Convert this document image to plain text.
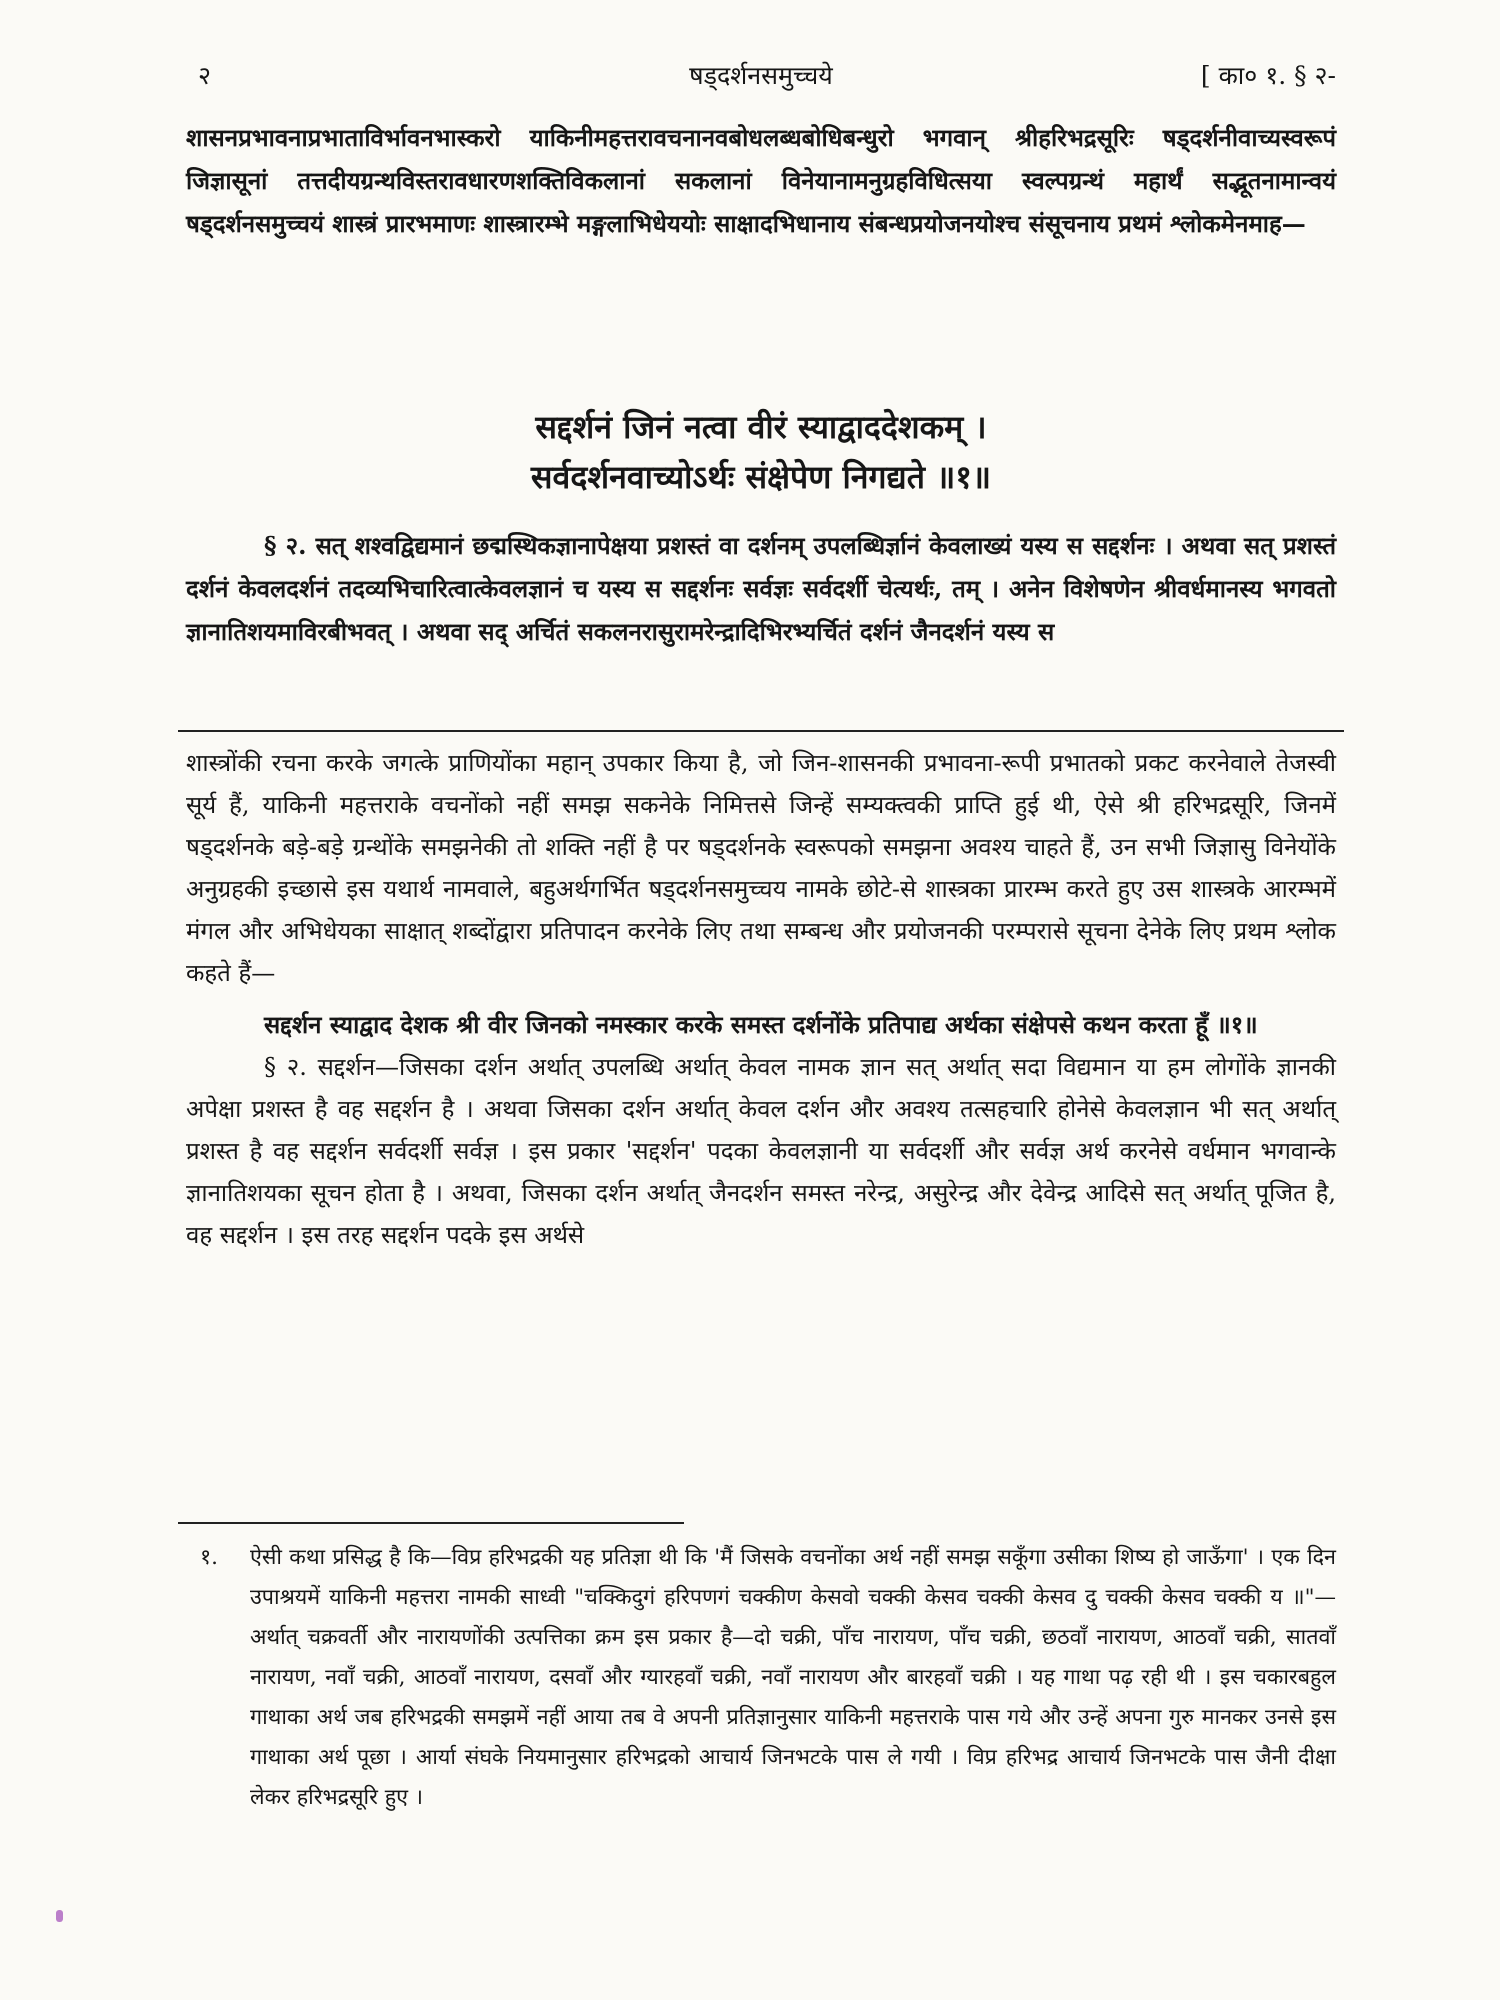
२	षड्दर्शनसमुच्चये	[ का० १. § २-

शासनप्रभावनाप्रभाताविर्भावनभास्करो याकिनीमहत्तरावचनानवबोधलब्धबोधिबन्धुरो भगवान् श्रीहरिभद्रसूरिः षड्दर्शनीवाच्यस्वरूपं जिज्ञासूनां तत्तदीयग्रन्थविस्तरावधारणशक्तिविकलानां सकलानां विनेयानामनुग्रहविधित्सया स्वल्पग्रन्थं महार्थं सद्भूतनामान्वयं षड्दर्शनसमुच्चयं शास्त्रं प्रारभमाणः शास्त्रारम्भे मङ्गलाभिधेययोः साक्षादभिधानाय संबन्धप्रयोजनयोश्च संसूचनाय प्रथमं श्लोकमेनमाह—

सद्दर्शनं जिनं नत्वा वीरं स्याद्वाददेशकम् ।

सर्वदर्शनवाच्योऽर्थः संक्षेपेण निगद्यते ॥१॥

§ २. सत् शश्वद्विद्यमानं छद्मस्थिकज्ञानापेक्षया प्रशस्तं वा दर्शनम् उपलब्धिर्ज्ञानं केवलाख्यं यस्य स सद्दर्शनः । अथवा सत् प्रशस्तं दर्शनं केवलदर्शनं तदव्यभिचारित्वात्केवलज्ञानं च यस्य स सद्दर्शनः सर्वज्ञः सर्वदर्शी चेत्यर्थः, तम् । अनेन विशेषणेन श्रीवर्धमानस्य भगवतो ज्ञानातिशयमाविरबीभवत् । अथवा सद् अर्चितं सकलनरासुरामरेन्द्रादिभिरभ्यर्चितं दर्शनं जैनदर्शनं यस्य स

शास्त्रोंकी रचना करके जगत्के प्राणियोंका महान् उपकार किया है, जो जिन-शासनकी प्रभावना-रूपी प्रभातको प्रकट करनेवाले तेजस्वी सूर्य हैं, याकिनी महत्तराके वचनोंको नहीं समझ सकनेके निमित्तसे जिन्हें सम्यक्त्वकी प्राप्ति हुई थी, ऐसे श्री हरिभद्रसूरि, जिनमें षड्दर्शनके बड़े-बड़े ग्रन्थोंके समझनेकी तो शक्ति नहीं है पर षड्दर्शनके स्वरूपको समझना अवश्य चाहते हैं, उन सभी जिज्ञासु विनेयोंके अनुग्रहकी इच्छासे इस यथार्थ नामवाले, बहुअर्थगर्भित षड्दर्शनसमुच्चय नामके छोटे-से शास्त्रका प्रारम्भ करते हुए उस शास्त्रके आरम्भमें मंगल और अभिधेयका साक्षात् शब्दोंद्वारा प्रतिपादन करनेके लिए तथा सम्बन्ध और प्रयोजनकी परम्परासे सूचना देनेके लिए प्रथम श्लोक कहते हैं—

सद्दर्शन स्याद्वाद देशक श्री वीर जिनको नमस्कार करके समस्त दर्शनोंके प्रतिपाद्य अर्थका संक्षेपसे कथन करता हूँ ॥१॥

§ २. सद्दर्शन—जिसका दर्शन अर्थात् उपलब्धि अर्थात् केवल नामक ज्ञान सत् अर्थात् सदा विद्यमान या हम लोगोंके ज्ञानकी अपेक्षा प्रशस्त है वह सद्दर्शन है । अथवा जिसका दर्शन अर्थात् केवल दर्शन और अवश्य तत्सहचारि होनेसे केवलज्ञान भी सत् अर्थात् प्रशस्त है वह सद्दर्शन सर्वदर्शी सर्वज्ञ । इस प्रकार 'सद्दर्शन' पदका केवलज्ञानी या सर्वदर्शी और सर्वज्ञ अर्थ करनेसे वर्धमान भगवान्के ज्ञानातिशयका सूचन होता है । अथवा, जिसका दर्शन अर्थात् जैनदर्शन समस्त नरेन्द्र, असुरेन्द्र और देवेन्द्र आदिसे सत् अर्थात् पूजित है, वह सद्दर्शन । इस तरह सद्दर्शन पदके इस अर्थसे

१. ऐसी कथा प्रसिद्ध है कि—विप्र हरिभद्रकी यह प्रतिज्ञा थी कि 'मैं जिसके वचनोंका अर्थ नहीं समझ सकूँगा उसीका शिष्य हो जाऊँगा' । एक दिन उपाश्रयमें याकिनी महत्तरा नामकी साध्वी "चक्किदुगं हरिपणगं चक्कीण केसवो चक्की केसव चक्की केसव दु चक्की केसव चक्की य ॥"—अर्थात् चक्रवर्ती और नारायणोंकी उत्पत्तिका क्रम इस प्रकार है—दो चक्री, पाँच नारायण, पाँच चक्री, छठवाँ नारायण, आठवाँ चक्री, सातवाँ नारायण, नवाँ चक्री, आठवाँ नारायण, दसवाँ और ग्यारहवाँ चक्री, नवाँ नारायण और बारहवाँ चक्री । यह गाथा पढ़ रही थी । इस चकारबहुल गाथाका अर्थ जब हरिभद्रकी समझमें नहीं आया तब वे अपनी प्रतिज्ञानुसार याकिनी महत्तराके पास गये और उन्हें अपना गुरु मानकर उनसे इस गाथाका अर्थ पूछा । आर्या संघके नियमानुसार हरिभद्रको आचार्य जिनभटके पास ले गयी । विप्र हरिभद्र आचार्य जिनभटके पास जैनी दीक्षा लेकर हरिभद्रसूरि हुए ।
